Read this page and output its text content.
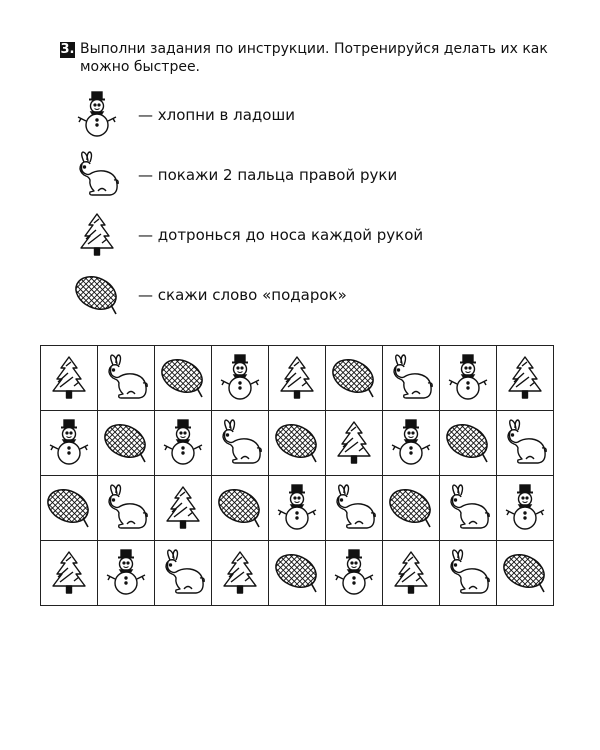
3. Выполни задания по инструкции. Потренируйся делать их как можно быстрее.
— хлопни в ладоши
— покажи 2 пальца правой руки
— дотронься до носа каждой рукой
— скажи слово «подарок»
